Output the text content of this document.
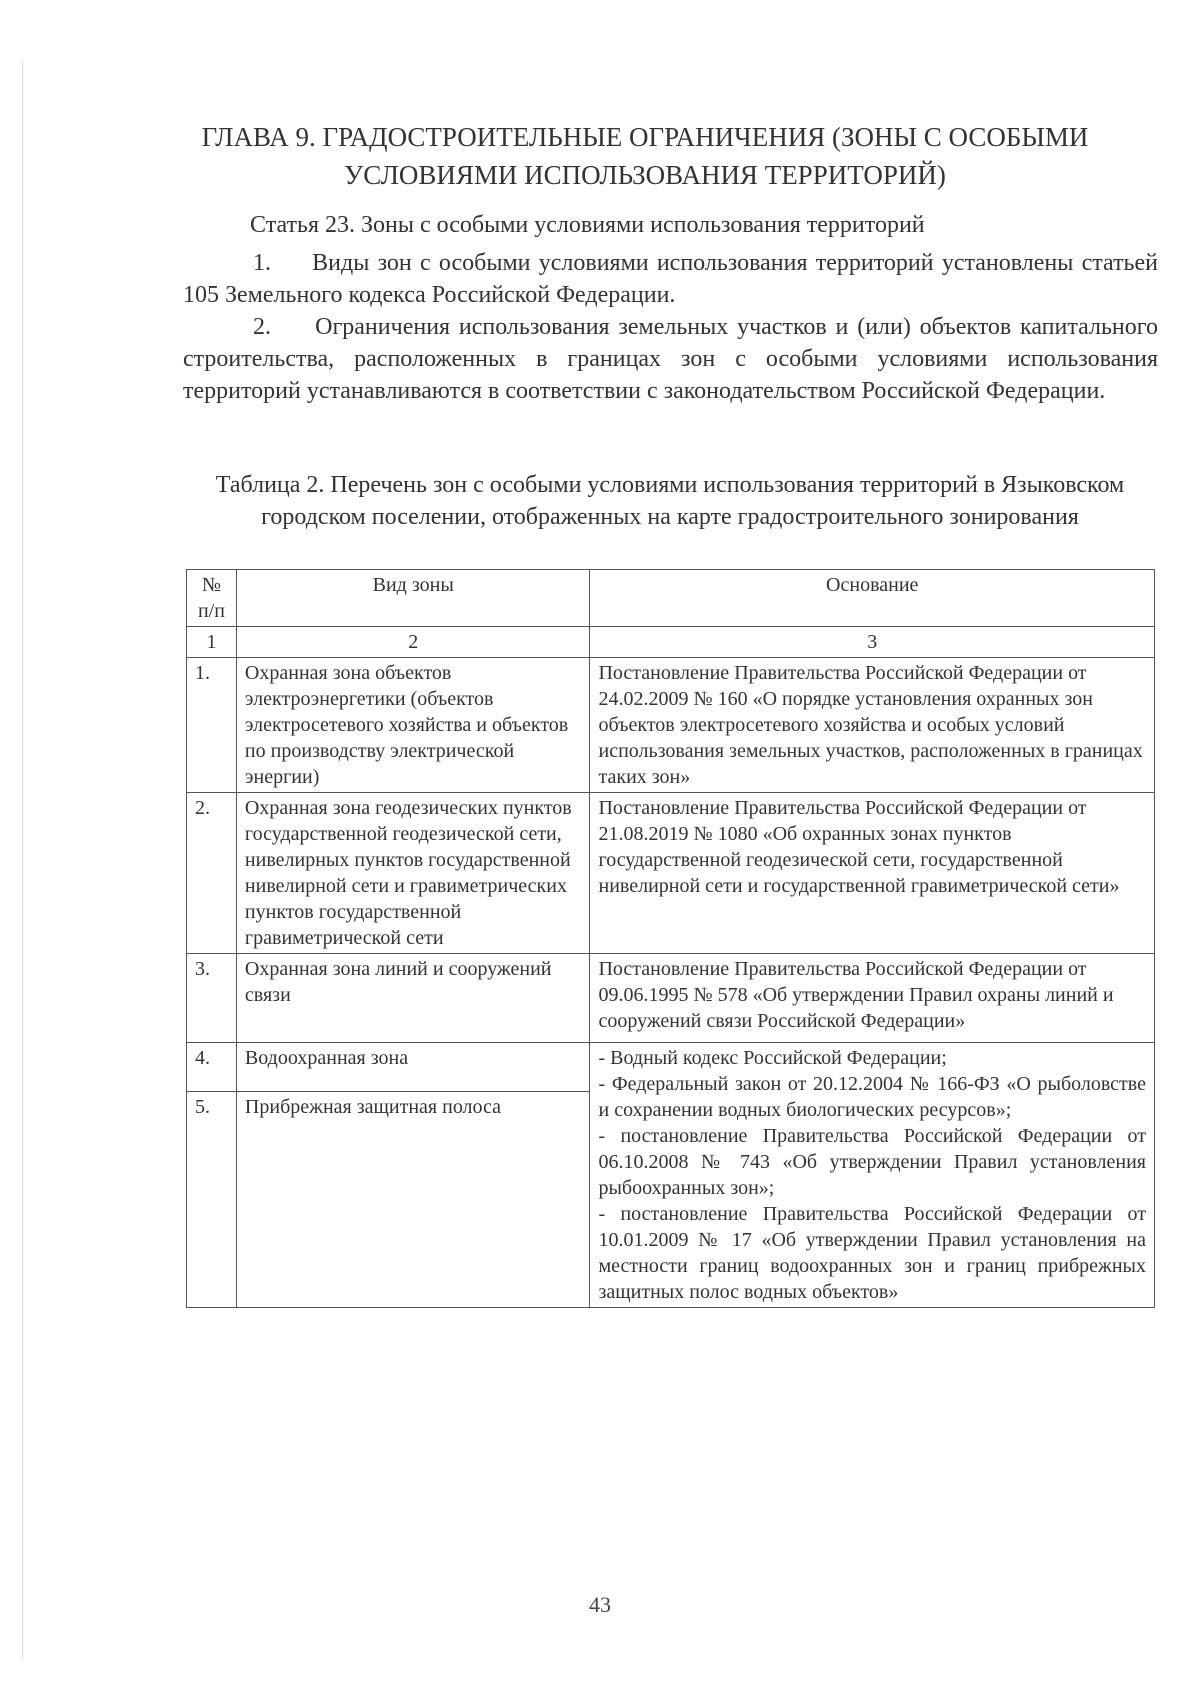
ГЛАВА 9. ГРАДОСТРОИТЕЛЬНЫЕ ОГРАНИЧЕНИЯ (ЗОНЫ С ОСОБЫМИ
УСЛОВИЯМИ ИСПОЛЬЗОВАНИЯ ТЕРРИТОРИЙ)
Статья 23. Зоны с особыми условиями использования территорий
1.     Виды зон с особыми условиями использования территорий установлены статьей 105 Земельного кодекса Российской Федерации.
2.     Ограничения использования земельных участков и (или) объектов капитального строительства, расположенных в границах зон с особыми условиями использования территорий устанавливаются в соответствии с законодательством Российской Федерации.
Таблица 2. Перечень зон с особыми условиями использования территорий в Языковском городском поселении, отображенных на карте градостроительного зонирования
№ п/п	Вид зоны	Основание
1	2	3
1.	Охранная зона объектов электроэнергетики (объектов электросетевого хозяйства и объектов по производству электрической энергии)	Постановление Правительства Российской Федерации от 24.02.2009 № 160 «О порядке установления охранных зон объектов электросетевого хозяйства и особых условий использования земельных участков, расположенных в границах таких зон»
2.	Охранная зона геодезических пунктов государственной геодезической сети, нивелирных пунктов государственной нивелирной сети и гравиметрических пунктов государственной гравиметрической сети	Постановление Правительства Российской Федерации от 21.08.2019 № 1080 «Об охранных зонах пунктов государственной геодезической сети, государственной нивелирной сети и государственной гравиметрической сети»
3.	Охранная зона линий и сооружений связи	Постановление Правительства Российской Федерации от 09.06.1995 № 578 «Об утверждении Правил охраны линий и сооружений связи Российской Федерации»
4.	Водоохранная зона	- Водный кодекс Российской Федерации;
- Федеральный закон от 20.12.2004 № 166-ФЗ «О рыболовстве и сохранении водных биологических ресурсов»;
- постановление Правительства Российской Федерации от 06.10.2008 № 743 «Об утверждении Правил установления рыбоохранных зон»;
- постановление Правительства Российской Федерации от 10.01.2009 № 17 «Об утверждении Правил установления на местности границ водоохранных зон и границ прибрежных защитных полос водных объектов»

5.	Прибрежная защитная полоса	
43
